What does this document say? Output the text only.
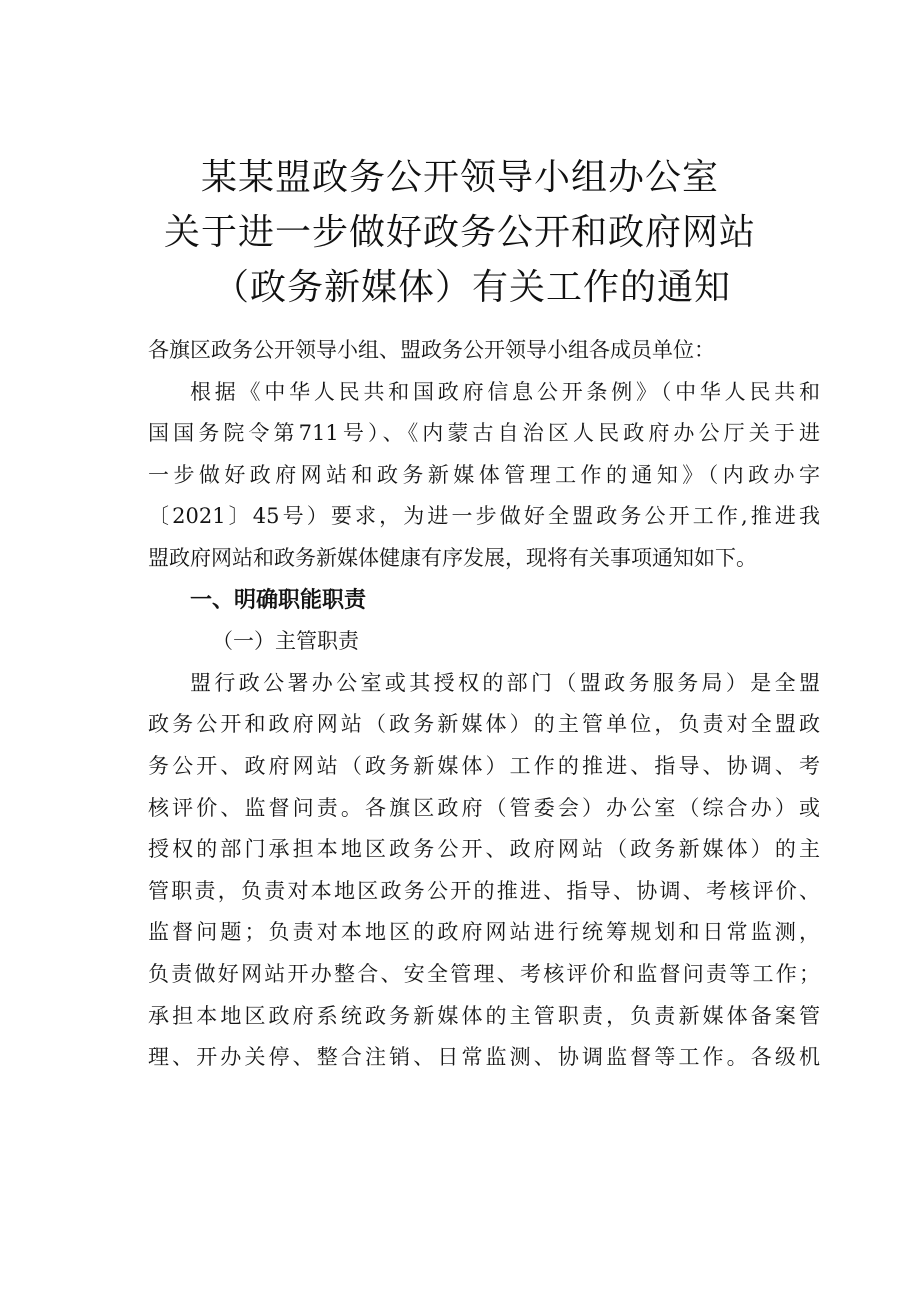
某某盟政务公开领导小组办公室
关于进一步做好政务公开和政府网站
（政务新媒体）有关工作的通知
各旗区政务公开领导小组、盟政务公开领导小组各成员单位：
根据《中华人民共和国政府信息公开条例》（中华人民共和
国国务院令第711号）、《内蒙古自治区人民政府办公厅关于进
一步做好政府网站和政务新媒体管理工作的通知》（内政办字
〔2021〕45号）要求，为进一步做好全盟政务公开工作,推进我
盟政府网站和政务新媒体健康有序发展，现将有关事项通知如下。
一、明确职能职责
（一）主管职责
盟行政公署办公室或其授权的部门（盟政务服务局）是全盟
政务公开和政府网站（政务新媒体）的主管单位，负责对全盟政
务公开、政府网站（政务新媒体）工作的推进、指导、协调、考
核评价、监督问责。各旗区政府（管委会）办公室（综合办）或
授权的部门承担本地区政务公开、政府网站（政务新媒体）的主
管职责，负责对本地区政务公开的推进、指导、协调、考核评价、
监督问题；负责对本地区的政府网站进行统筹规划和日常监测，
负责做好网站开办整合、安全管理、考核评价和监督问责等工作；
承担本地区政府系统政务新媒体的主管职责，负责新媒体备案管
理、开办关停、整合注销、日常监测、协调监督等工作。各级机
